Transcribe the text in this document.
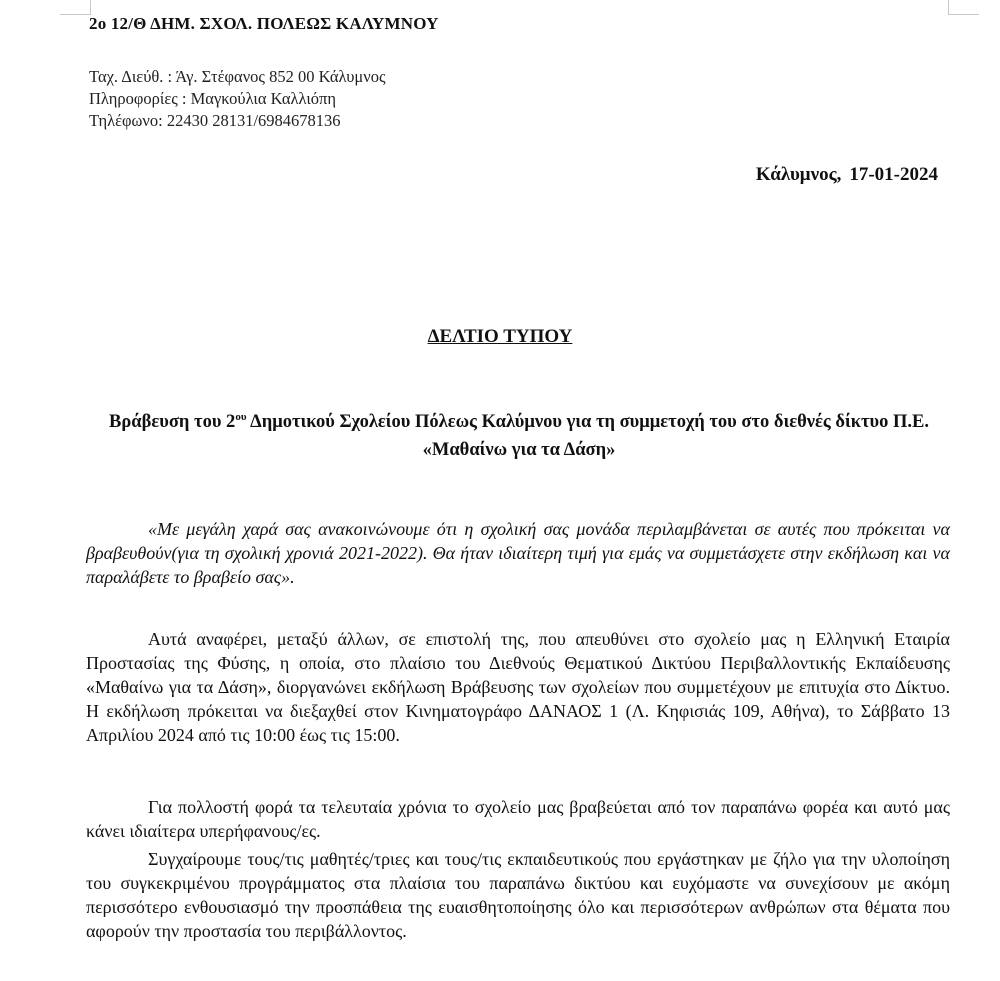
2ο 12/Θ ΔΗΜ. ΣΧΟΛ. ΠΟΛΕΩΣ ΚΑΛΥΜΝΟΥ
Ταχ. Διεύθ. : Άγ. Στέφανος 852 00 Κάλυμνος
Πληροφορίες : Μαγκούλια Καλλιόπη
Τηλέφωνο: 22430 28131/6984678136
Κάλυμνος, 17-01-2024
ΔΕΛΤΙΟ ΤΥΠΟΥ
Βράβευση του $2^{o\upsilon}$ Δημοτικού Σχολείου Πόλεως Καλύμνου για τη συμμετοχή του στο διεθνές δίκτυο Π.Ε. «Μαθαίνω για τα Δάση»
«Με μεγάλη χαρά σας ανακοινώνουμε ότι η σχολική σας μονάδα περιλαμβάνεται σε αυτές που πρόκειται να βραβευθούν(για τη σχολική χρονιά 2021-2022). Θα ήταν ιδιαίτερη τιμή για εμάς να συμμετάσχετε στην εκδήλωση και να παραλάβετε το βραβείο σας».
Αυτά αναφέρει, μεταξύ άλλων, σε επιστολή της, που απευθύνει στο σχολείο μας η Ελληνική Εταιρία Προστασίας της Φύσης, η οποία, στο πλαίσιο του Διεθνούς Θεματικού Δικτύου Περιβαλλοντικής Εκπαίδευσης «Μαθαίνω για τα Δάση», διοργανώνει εκδήλωση Βράβευσης των σχολείων που συμμετέχουν με επιτυχία στο Δίκτυο. Η εκδήλωση πρόκειται να διεξαχθεί στον Κινηματογράφο ΔΑΝΑΟΣ 1 (Λ. Κηφισιάς 109, Αθήνα), το Σάββατο 13 Απριλίου 2024 από τις 10:00 έως τις 15:00.
Για πολλοστή φορά τα τελευταία χρόνια το σχολείο μας βραβεύεται από τον παραπάνω φορέα και αυτό μας κάνει ιδιαίτερα υπερήφανους/ες.
Συγχαίρουμε τους/τις μαθητές/τριες και τους/τις εκπαιδευτικούς που εργάστηκαν με ζήλο για την υλοποίηση του συγκεκριμένου προγράμματος στα πλαίσια του παραπάνω δικτύου και ευχόμαστε να συνεχίσουν με ακόμη περισσότερο ενθουσιασμό την προσπάθεια της ευαισθητοποίησης όλο και περισσότερων ανθρώπων στα θέματα που αφορούν την προστασία του περιβάλλοντος.
